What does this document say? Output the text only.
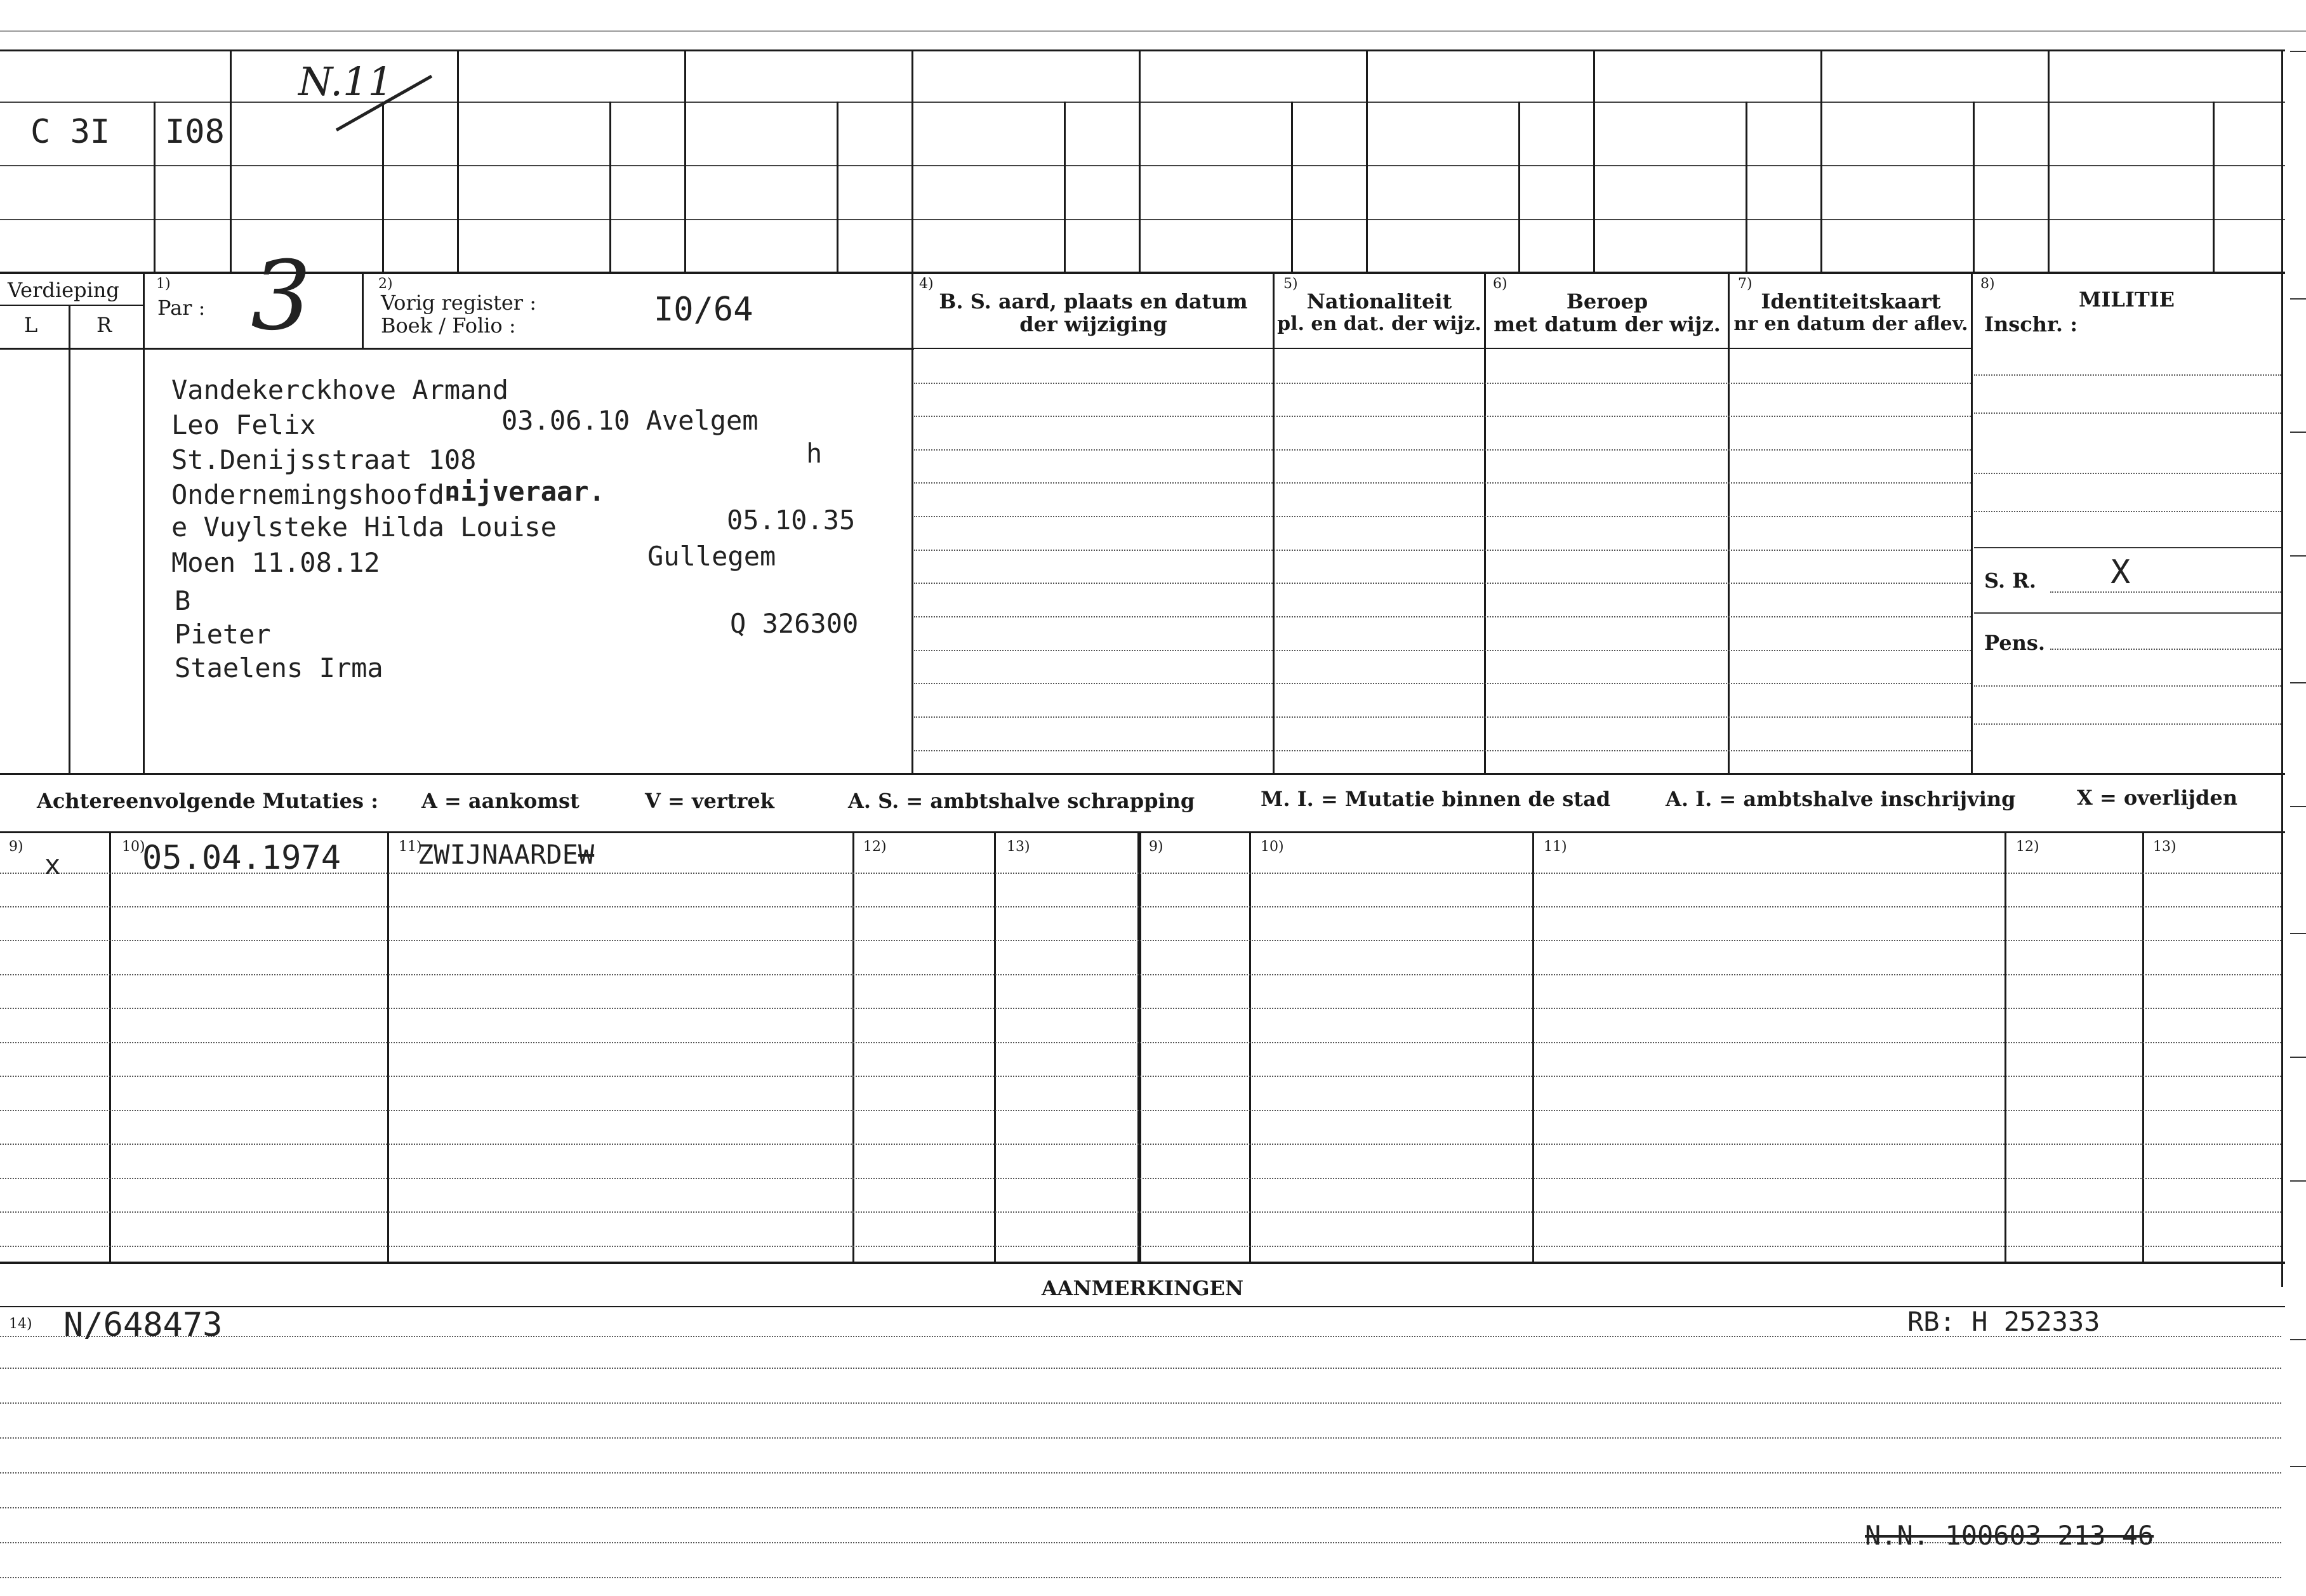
C 3I I08
N.11
Verdieping
L	R
1)
Par : 3	2)
Vorig register :
Boek / Folio :	I0/64
4)
B. S. aard, plaats en datum
der wijziging
5)
Nationaliteit
pl. en dat. der wijz.
6)
Beroep
met datum der wijz.
7)
Identiteitskaart
nr en datum der aflev.
8)
MILITIE
Inschr. :
S. R. X
Pens.
Vandekerckhove Armand
Leo Felix	03.06.10 Avelgem
St.Denijsstraat 108	h
Ondernemingshoofd-
nijveraar.
e Vuylsteke Hilda Louise	05.10.35
Moen 11.08.12	Gullegem
B
Pieter	Q 326300
Staelens Irma
Achtereenvolgende Mutaties : A = aankomst	V = vertrek	A. S. = ambtshalve schrapping	M. I. = Mutatie binnen de stad	A. I. = ambtshalve inschrijving	X = overlijden
9)	10)	11)	12)	13)	9)	10)	11)	12)	13)
x 05.04.1974	ZWIJNAARDEW
AANMERKINGEN
14) N/648473	RB: H 252333
N.N. 100603 213 46
